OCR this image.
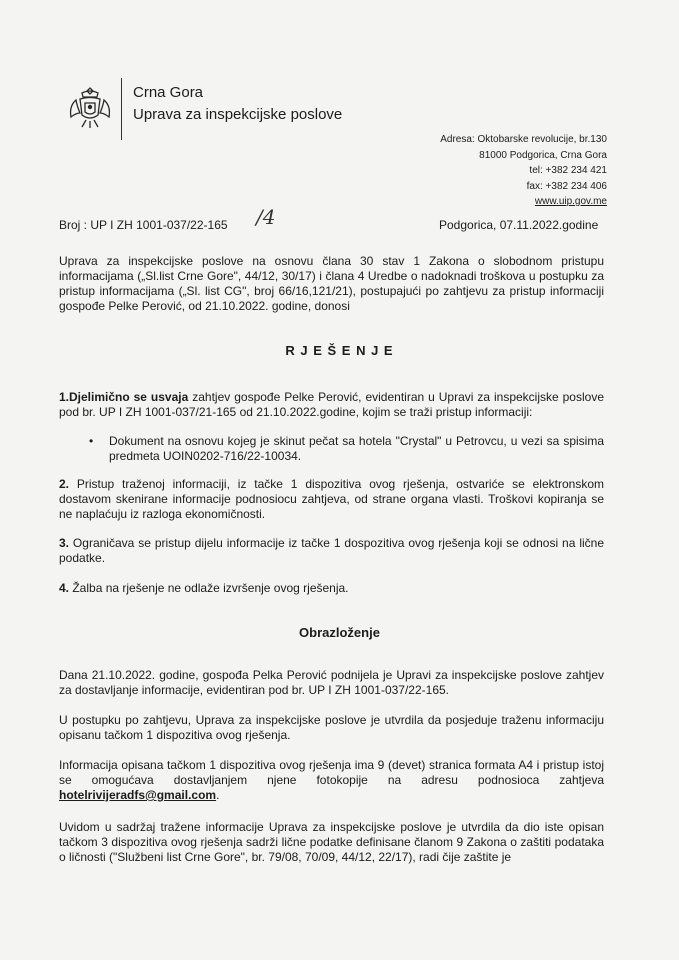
Crna Gora
Uprava za inspekcijske poslove
Adresa: Oktobarske revolucije, br.130
81000 Podgorica, Crna Gora
tel: +382 234 421
fax: +382 234 406
www.uip.gov.me
Broj : UP I ZH 1001-037/22-165 /4	Podgorica, 07.11.2022.godine
Uprava za inspekcijske poslove na osnovu člana 30 stav 1 Zakona o slobodnom pristupu informacijama („Sl.list Crne Gore", 44/12, 30/17) i člana 4 Uredbe o nadoknadi troškova u postupku za pristup informacijama („Sl. list CG", broj 66/16,121/21), postupajući po zahtjevu za pristup informaciji gospođe Pelke Perović, od 21.10.2022. godine, donosi
R J E Š E N J E
1.Djelimično se usvaja zahtjev gospođe Pelke Perović, evidentiran u Upravi za inspekcijske poslove pod br. UP I ZH 1001-037/21-165 od 21.10.2022.godine, kojim se traži pristup informaciji:
• Dokument na osnovu kojeg je skinut pečat sa hotela "Crystal" u Petrovcu, u vezi sa spisima predmeta UOIN0202-716/22-10034.
2. Pristup traženoj informaciji, iz tačke 1 dispozitiva ovog rješenja, ostvariće se elektronskom dostavom skenirane informacije podnosiocu zahtjeva, od strane organa vlasti. Troškovi kopiranja se ne naplaćuju iz razloga ekonomičnosti.
3. Ograničava se pristup dijelu informacije iz tačke 1 dospozitiva ovog rješenja koji se odnosi na lične podatke.
4. Žalba na rješenje ne odlaže izvršenje ovog rješenja.
Obrazloženje
Dana 21.10.2022. godine, gospođa Pelka Perović podnijela je Upravi za inspekcijske poslove zahtjev za dostavljanje informacije, evidentiran pod br. UP I ZH 1001-037/22-165.
U postupku po zahtjevu, Uprava za inspekcijske poslove je utvrdila da posjeduje traženu informaciju opisanu tačkom 1 dispozitiva ovog rješenja.
Informacija opisana tačkom 1 dispozitiva ovog rješenja ima 9 (devet) stranica formata A4 i pristup istoj se omogućava dostavljanjem njene fotokopije na adresu podnosioca zahtjeva hotelrivijeradfs@gmail.com.
Uvidom u sadržaj tražene informacije Uprava za inspekcijske poslove je utvrdila da dio iste opisan tačkom 3 dispozitiva ovog rješenja sadrži lične podatke definisane članom 9 Zakona o zaštiti podataka o ličnosti ("Službeni list Crne Gore", br. 79/08, 70/09, 44/12, 22/17), radi čije zaštite je
